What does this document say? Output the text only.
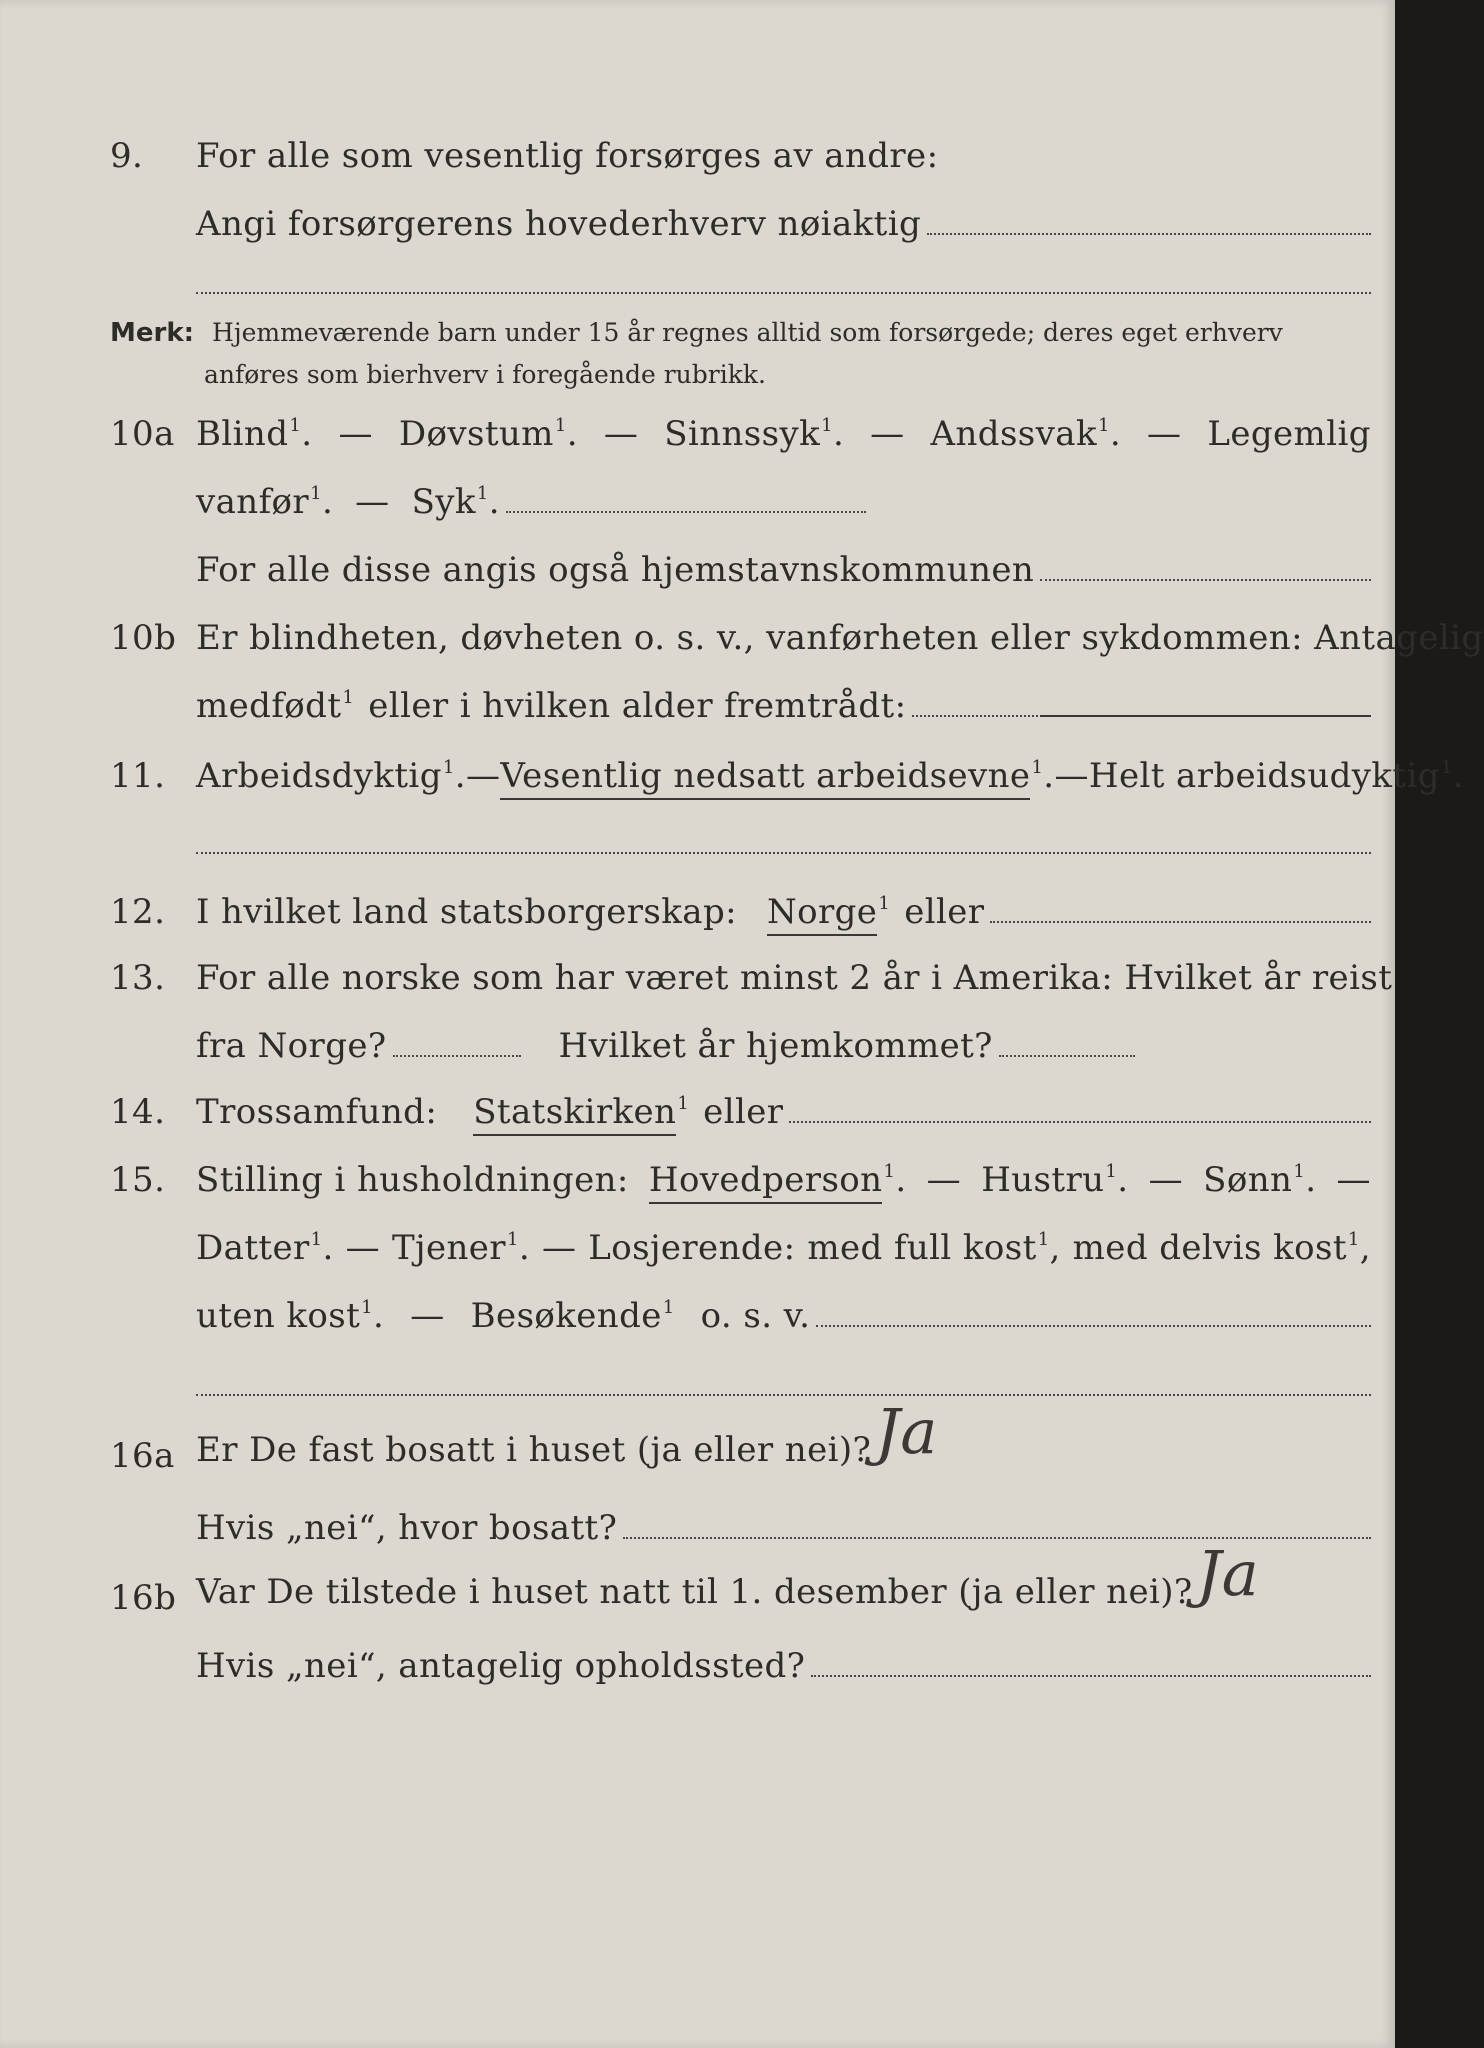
9. For alle som vesentlig forsørges av andre:
Angi forsørgerens hovederhverv nøiaktig
Merk: Hjemmeværende barn under 15 år regnes alltid som forsørgede; deres eget erhverv
anføres som bierhverv i foregående rubrikk.
10a Blind$^1$. — Døvstum$^1$. — Sinnssyk$^1$. — Andssvak$^1$. — Legemlig
vanfør$^1$. — Syk$^1$.
For alle disse angis også hjemstavnskommunen
10b Er blindheten, døvheten o. s. v., vanførheten eller sykdommen: Antagelig
medfødt$^1$ eller i hvilken alder fremtrådt:
11. Arbeidsdyktig$^1$. — Vesentlig nedsatt arbeidsevne$^1$. — Helt arbeidsudyktig$^1$.
12. I hvilket land statsborgerskap: Norge$^1$ eller
13. For alle norske som har været minst 2 år i Amerika: Hvilket år reist
fra Norge?	Hvilket år hjemkommet?
14. Trossamfund: Statskirken$^1$ eller
15. Stilling i husholdningen: Hovedperson$^1$. — Hustru$^1$. — Sønn$^1$. —
Datter$^1$. — Tjener$^1$. — Losjerende: med full kost$^1$, med delvis kost$^1$,
uten kost$^1$. — Besøkende$^1$ o. s. v.
16a Er De fast bosatt i huset (ja eller nei)? Ja
Hvis „nei“, hvor bosatt?
16b Var De tilstede i huset natt til 1. desember (ja eller nei)? Ja
Hvis „nei“, antagelig opholdssted?
